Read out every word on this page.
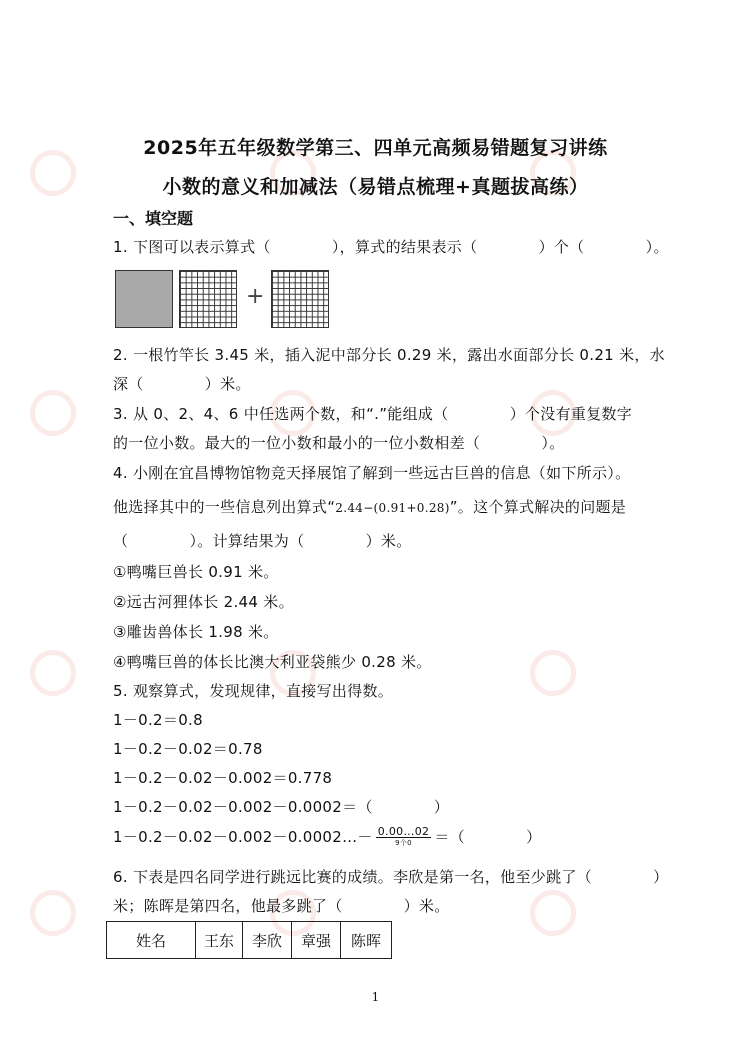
2025年五年级数学第三、四单元高频易错题复习讲练
小数的意义和加减法（易错点梳理+真题拔高练）
一、填空题
1. 下图可以表示算式（　　　　），算式的结果表示（　　　　）个（　　　　）。
+
2. 一根竹竿长 3.45 米，插入泥中部分长 0.29 米，露出水面部分长 0.21 米，水
深（　　　　）米。
3. 从 0、2、4、6 中任选两个数，和“.”能组成（　　　　）个没有重复数字
的一位小数。最大的一位小数和最小的一位小数相差（　　　　）。
4. 小刚在宜昌博物馆物竞天择展馆了解到一些远古巨兽的信息（如下所示）。
他选择其中的一些信息列出算式“2.44−(0.91+0.28)”。这个算式解决的问题是
（　　　　）。计算结果为（　　　　）米。
①鸭嘴巨兽长 0.91 米。
②远古河狸体长 2.44 米。
③雕齿兽体长 1.98 米。
④鸭嘴巨兽的体长比澳大利亚袋熊少 0.28 米。
5. 观察算式，发现规律，直接写出得数。
1－0.2＝0.8
1－0.2－0.02＝0.78
1－0.2－0.02－0.002＝0.778
1－0.2－0.02－0.002－0.0002＝（　　　　）
1－0.2－0.02－0.002－0.0002…－ $\frac{0.00\dots 02}{\text{9个0}}$ ＝（　　　　）
6. 下表是四名同学进行跳远比赛的成绩。李欣是第一名，他至少跳了（　　　　）
米；陈晖是第四名，他最多跳了（　　　　）米。
姓名	王东	李欣	章强	陈晖
1
